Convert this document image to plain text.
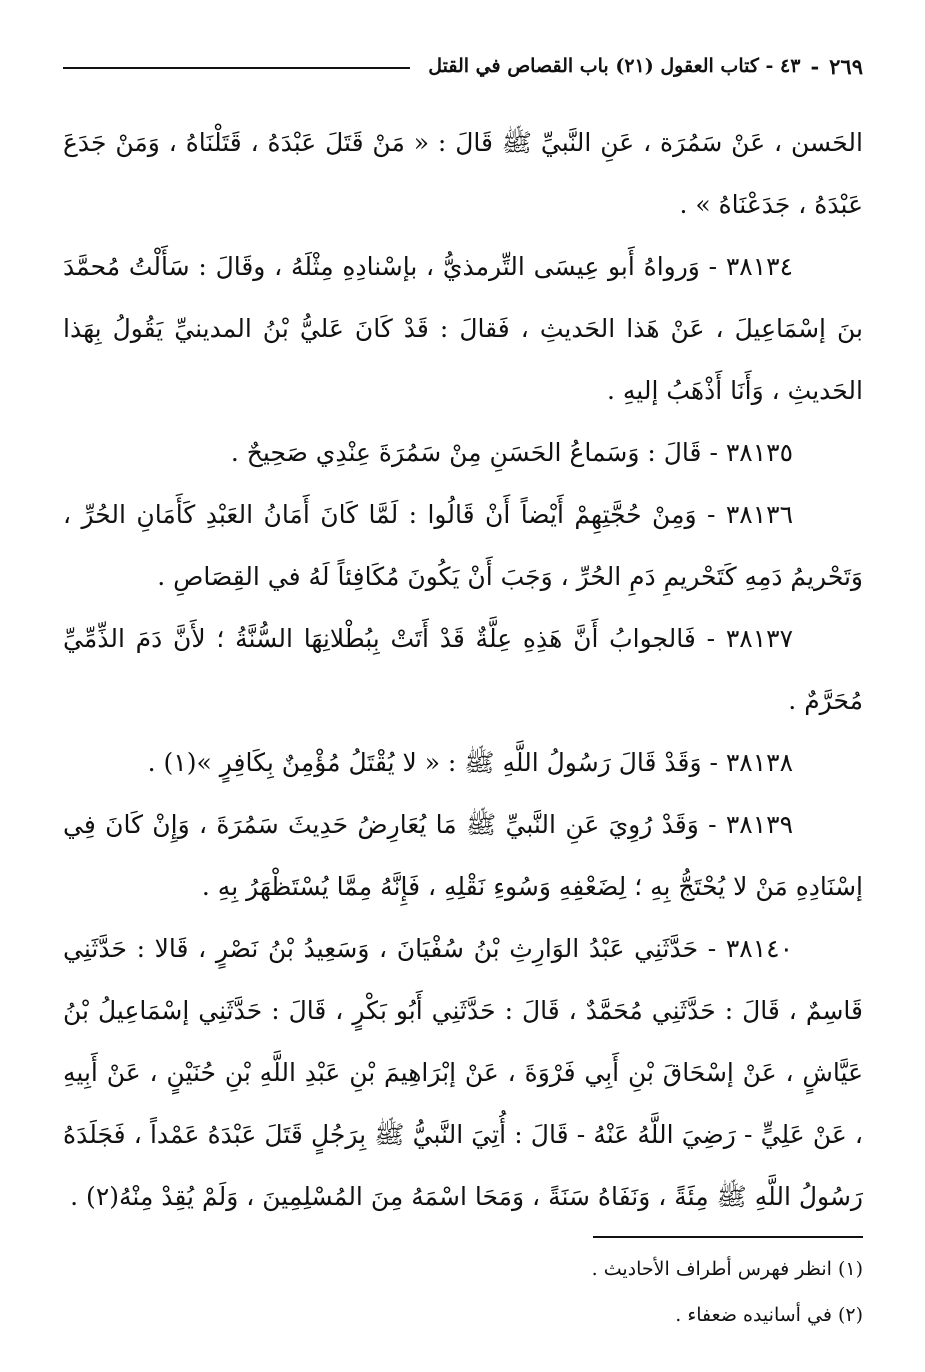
٢٦٩
-
٤٣ - كتاب العقول (٢١) باب القصاص في القتل

الحَسن ، عَنْ سَمُرَة ، عَنِ النَّبيِّ ﷺ قَالَ : « مَنْ قَتَلَ عَبْدَهُ ، قَتَلْنَاهُ ، وَمَنْ جَدَعَ عَبْدَهُ ، جَدَعْنَاهُ » .

٣٨١٣٤ - وَرواهُ أَبو عِيسَى التِّرمذيُّ ، بإسْنادِهِ مِثْلَهُ ، وقَالَ : سَأَلْتُ مُحمَّدَ بنَ إسْمَاعِيلَ ، عَنْ هَذا الحَديثِ ، فَقالَ : قَدْ كَانَ عَليُّ بْنُ المدينيِّ يَقُولُ بِهَذا الحَديثِ ، وَأَنَا أَذْهَبُ إليهِ .

٣٨١٣٥ - قَالَ : وَسَماعُ الحَسَنِ مِنْ سَمُرَةَ عِنْدِي صَحِيحٌ .

٣٨١٣٦ - وَمِنْ حُجَّتِهِمْ أَيْضاً أَنْ قَالُوا : لَمَّا كَانَ أَمَانُ العَبْدِ كَأَمَانِ الحُرِّ ، وَتَحْريمُ دَمِهِ كَتَحْريمِ دَمِ الحُرِّ ، وَجَبَ أَنْ يَكُونَ مُكَافِئاً لَهُ في القِصَاصِ .

٣٨١٣٧ - فَالجوابُ أَنَّ هَذِهِ عِلَّةٌ قَدْ أَتَتْ بِبُطْلانِهَا السُّنَّةُ ؛ لأَنَّ دَمَ الذِّمِّيِّ مُحَرَّمٌ .

٣٨١٣٨ - وَقَدْ قَالَ رَسُولُ اللَّهِ ﷺ : « لا يُقْتَلُ مُؤْمِنٌ بِكَافِرٍ »(١) .

٣٨١٣٩ - وَقَدْ رُوِيَ عَنِ النَّبيِّ ﷺ مَا يُعَارِضُ حَدِيثَ سَمُرَةَ ، وَإِنْ كَانَ فِي إسْنَادِهِ مَنْ لا يُحْتَجُّ بِهِ ؛ لِضَعْفِهِ وَسُوءِ نَقْلِهِ ، فَإِنَّهُ مِمَّا يُسْتَظْهَرُ بِهِ .

٣٨١٤٠ - حَدَّثَنِي عَبْدُ الوَارِثِ بْنُ سُفْيَانَ ، وَسَعِيدُ بْنُ نَصْرٍ ، قَالا : حَدَّثَنِي قَاسِمٌ ، قَالَ : حَدَّثَنِي مُحَمَّدٌ ، قَالَ : حَدَّثَنِي أَبُو بَكْرٍ ، قَالَ : حَدَّثَنِي إسْمَاعِيلُ بْنُ عَيَّاشٍ ، عَنْ إسْحَاقَ بْنِ أَبِي فَرْوَةَ ، عَنْ إبْرَاهِيمَ بْنِ عَبْدِ اللَّهِ بْنِ حُنَيْنٍ ، عَنْ أَبِيهِ ، عَنْ عَلِيٍّ - رَضِيَ اللَّهُ عَنْهُ - قَالَ : أُتِيَ النَّبيُّ ﷺ بِرَجُلٍ قَتَلَ عَبْدَهُ عَمْداً ، فَجَلَدَهُ رَسُولُ اللَّهِ ﷺ مِئَةً ، وَنَفَاهُ سَنَةً ، وَمَحَا اسْمَهُ مِنَ المُسْلِمِينَ ، وَلَمْ يُقِدْ مِنْهُ(٢) .

(١) انظر فهرس أطراف الأحاديث .

(٢) في أسانيده ضعفاء .
